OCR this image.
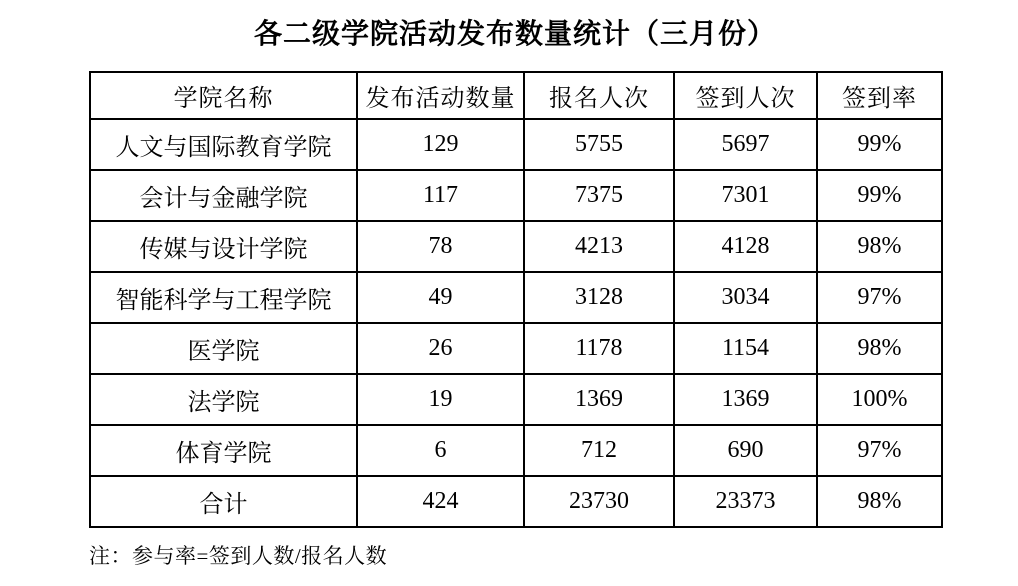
各二级学院活动发布数量统计（三月份）
学院名称	发布活动数量	报名人次	签到人次	签到率
人文与国际教育学院	129	5755	5697	99%
会计与金融学院	117	7375	7301	99%
传媒与设计学院	78	4213	4128	98%
智能科学与工程学院	49	3128	3034	97%
医学院	26	1178	1154	98%
法学院	19	1369	1369	100%
体育学院	6	712	690	97%
合计	424	23730	23373	98%
注：参与率=签到人数/报名人数
